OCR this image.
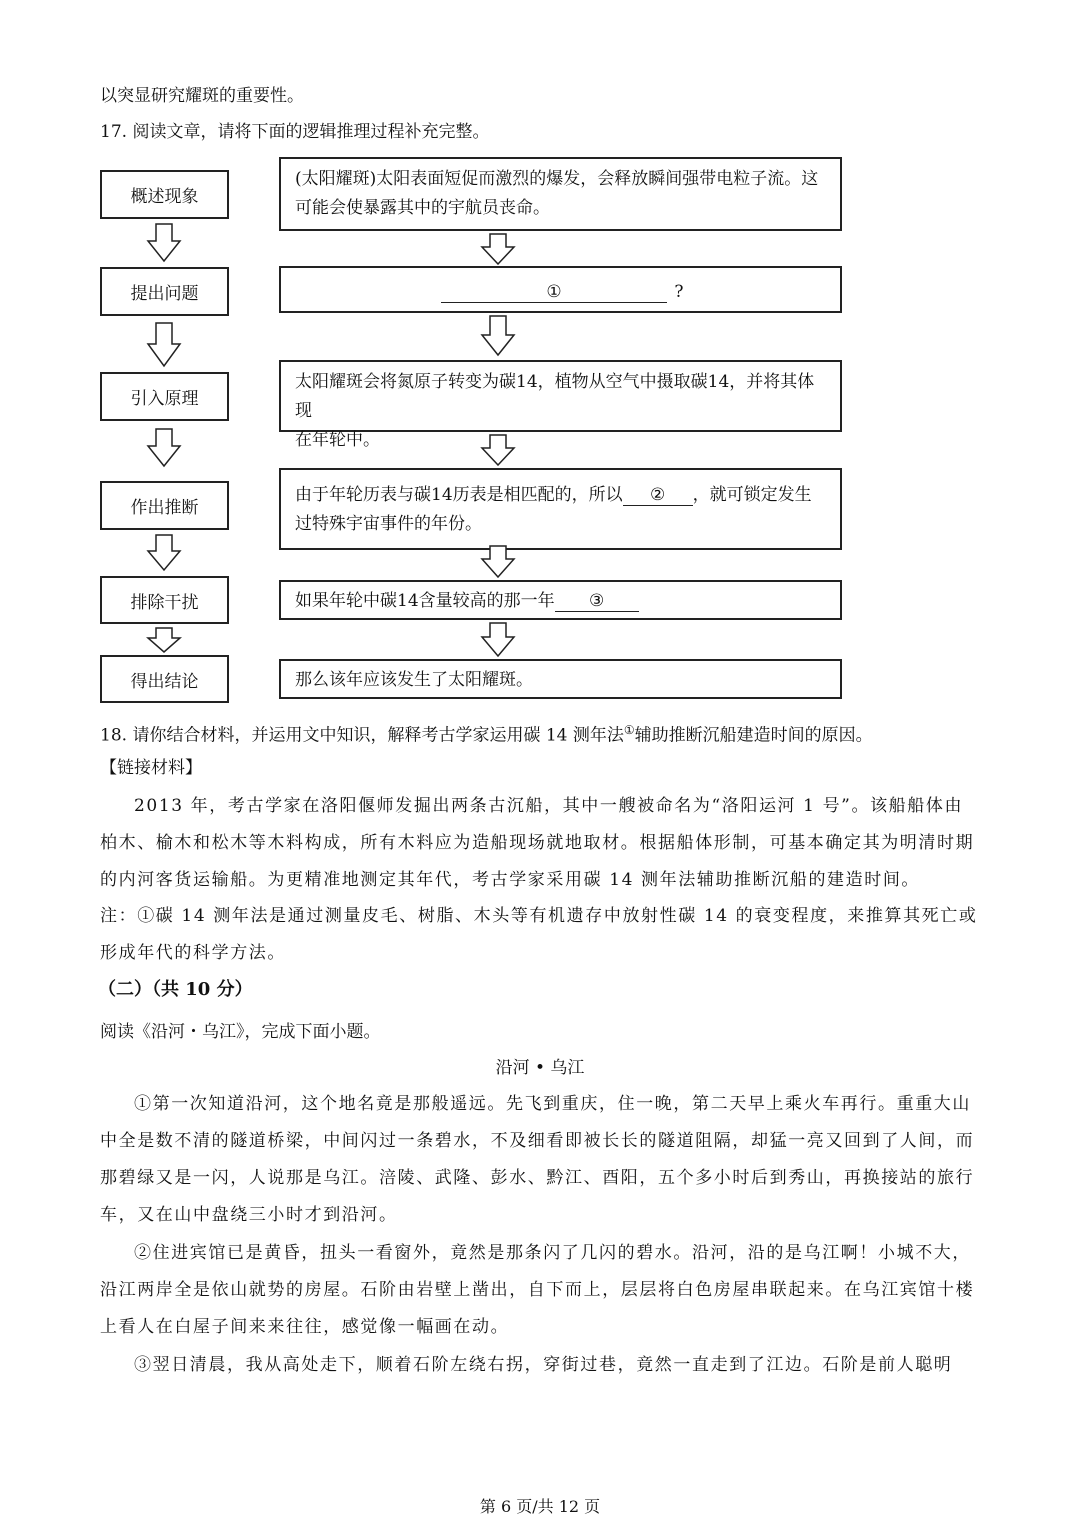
以突显研究耀斑的重要性。
17. 阅读文章，请将下面的逻辑推理过程补充完整。
概述现象
提出问题
引入原理
作出推断
排除干扰
得出结论
(太阳耀斑)太阳表面短促而激烈的爆发，会释放瞬间强带电粒子流。这
可能会使暴露其中的宇航员丧命。
①	?
太阳耀斑会将氮原子转变为碳14，植物从空气中摄取碳14，并将其体现
在年轮中。
由于年轮历表与碳14历表是相匹配的，所以 ② ，就可锁定发生
过特殊宇宙事件的年份。
如果年轮中碳14含量较高的那一年 ③
那么该年应该发生了太阳耀斑。
18. 请你结合材料，并运用文中知识，解释考古学家运用碳 14 测年法①辅助推断沉船建造时间的原因。
【链接材料】
2013 年，考古学家在洛阳偃师发掘出两条古沉船，其中一艘被命名为“洛阳运河 1 号”。该船船体由柏木、榆木和松木等木料构成，所有木料应为造船现场就地取材。根据船体形制，可基本确定其为明清时期的内河客货运输船。为更精准地测定其年代，考古学家采用碳 14 测年法辅助推断沉船的建造时间。
注：①碳 14 测年法是通过测量皮毛、树脂、木头等有机遗存中放射性碳 14 的衰变程度，来推算其死亡或形成年代的科学方法。
（二）（共 10 分）
阅读《沿河・乌江》，完成下面小题。
沿河 • 乌江
①第一次知道沿河，这个地名竟是那般遥远。先飞到重庆，住一晚，第二天早上乘火车再行。重重大山中全是数不清的隧道桥梁，中间闪过一条碧水，不及细看即被长长的隧道阻隔，却猛一亮又回到了人间，而那碧绿又是一闪，人说那是乌江。涪陵、武隆、彭水、黔江、酉阳，五个多小时后到秀山，再换接站的旅行车，又在山中盘绕三小时才到沿河。
②住进宾馆已是黄昏，扭头一看窗外，竟然是那条闪了几闪的碧水。沿河，沿的是乌江啊！小城不大，沿江两岸全是依山就势的房屋。石阶由岩壁上凿出，自下而上，层层将白色房屋串联起来。在乌江宾馆十楼上看人在白屋子间来来往往，感觉像一幅画在动。
③翌日清晨，我从高处走下，顺着石阶左绕右拐，穿街过巷，竟然一直走到了江边。石阶是前人聪明
第 6 页/共 12 页
